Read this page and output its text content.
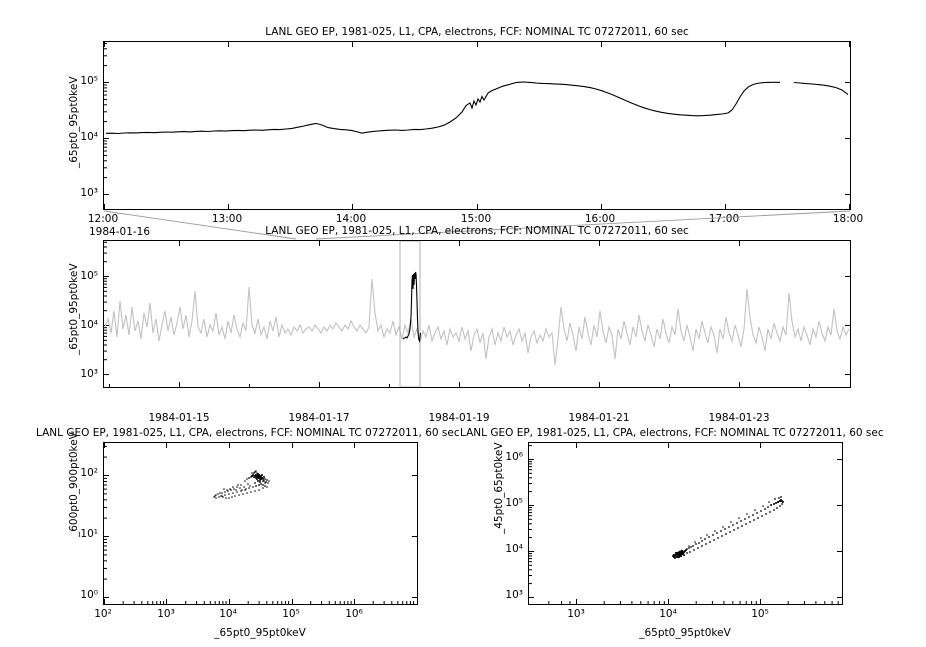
LANL GEO EP, 1981-025, L1, CPA, electrons, FCF: NOMINAL TC 07272011, 60 sec
_65pt0_95pt0keV
10³
10⁴
10⁵
12:00	13:00	14:00	15:00	16:00	17:00	18:00
1984-01-16	LANL GEO EP, 1981-025, L1, CPA, electrons, FCF: NOMINAL TC 07272011, 60 sec
_65pt0_95pt0keV
10³
10⁴
10⁵
1984-01-15	1984-01-17	1984-01-19	1984-01-21	1984-01-23
LANL GEO EP, 1981-025, L1, CPA, electrons, FCF: NOMINAL TC 07272011, 60 sec
_600pt0_900pt0keV
10⁰
10¹
10²
10²	10³	10⁴	10⁵	10⁶
_65pt0_95pt0keV
LANL GEO EP, 1981-025, L1, CPA, electrons, FCF: NOMINAL TC 07272011, 60 sec
_45pt0_65pt0keV
10³
10⁴
10⁵
10⁶
10³	10⁴	10⁵
_65pt0_95pt0keV
